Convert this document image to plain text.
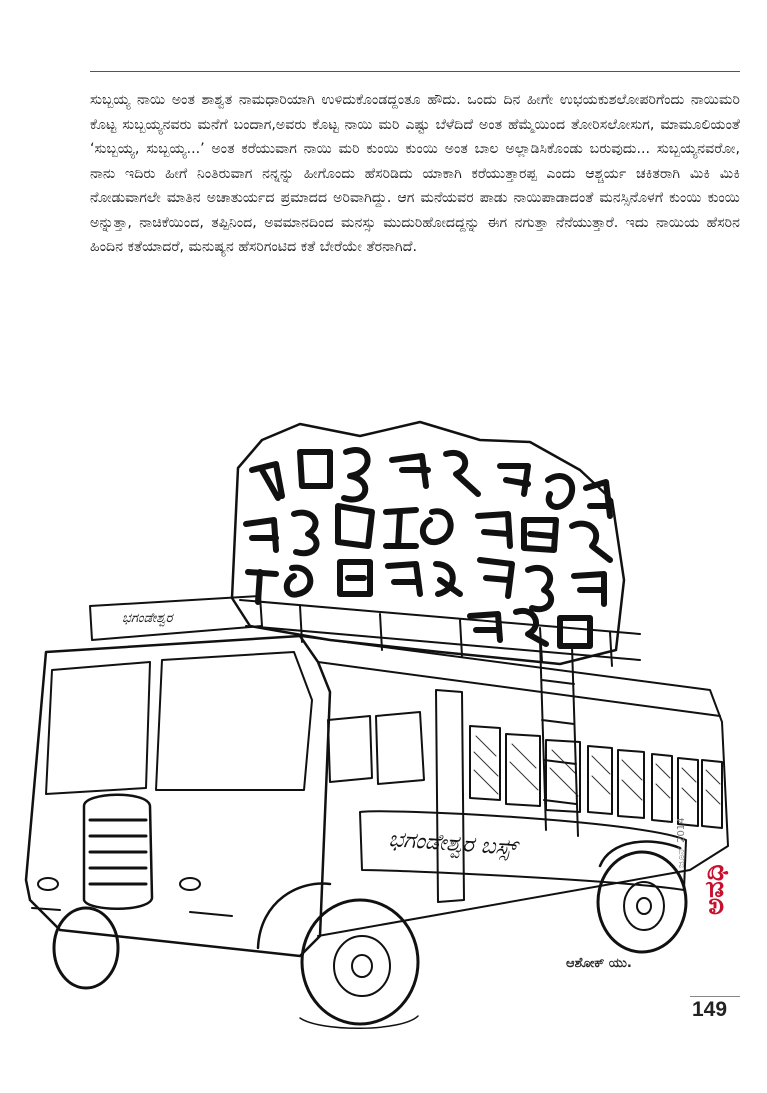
ಸುಬ್ಬಯ್ಯ ನಾಯಿ ಅಂತ ಶಾಶ್ವತ ನಾಮಧಾರಿಯಾಗಿ ಉಳಿದುಕೊಂಡದ್ದಂತೂ ಹೌದು. ಒಂದು ದಿನ ಹೀಗೇ ಉಭಯಕುಶಲೋಪರಿಗೆಂದು ನಾಯಿಮರಿ ಕೊಟ್ಟ ಸುಬ್ಬಯ್ಯನವರು ಮನೆಗೆ ಬಂದಾಗ,ಅವರು ಕೊಟ್ಟ ನಾಯಿ ಮರಿ ಎಷ್ಟು ಬೆಳೆದಿದೆ ಅಂತ ಹೆಮ್ಮೆಯಿಂದ ತೋರಿಸಲೋಸುಗ, ಮಾಮೂಲಿಯಂತೆ ‘ಸುಬ್ಬಯ್ಯ, ಸುಬ್ಬಯ್ಯ...’ ಅಂತ ಕರೆಯುವಾಗ ನಾಯಿ ಮರಿ ಕುಂಯಿ ಕುಂಯಿ ಅಂತ ಬಾಲ ಅಲ್ಲಾಡಿಸಿಕೊಂಡು ಬರುವುದು... ಸುಬ್ಬಯ್ಯನವರೋ, ನಾನು ಇದಿರು ಹೀಗೆ ನಿಂತಿರುವಾಗ ನನ್ನನ್ನು ಹೀಗೊಂದು ಹೆಸರಿಡಿದು ಯಾಕಾಗಿ ಕರೆಯುತ್ತಾರಪ್ಪ ಎಂದು ಆಶ್ಚರ್ಯ ಚಕಿತರಾಗಿ ಮಿಕಿ ಮಿಕಿ ನೋಡುವಾಗಲೇ ಮಾತಿನ ಅಚಾತುರ್ಯದ ಪ್ರಮಾದದ ಅರಿವಾಗಿದ್ದು. ಆಗ ಮನೆಯವರ ಪಾಡು ನಾಯಿಪಾಡಾದಂತೆ ಮನಸ್ಸಿನೊಳಗೆ ಕುಂಯಿ ಕುಂಯಿ ಅನ್ನುತ್ತಾ, ನಾಚಿಕೆಯಿಂದ, ತಪ್ಪಿನಿಂದ, ಅವಮಾನದಿಂದ ಮನಸ್ಸು ಮುದುರಿಹೋದದ್ದನ್ನು ಈಗ ನಗುತ್ತಾ ನೆನೆಯುತ್ತಾರೆ. ಇದು ನಾಯಿಯ ಹೆಸರಿನ ಹಿಂದಿನ ಕತೆಯಾದರೆ, ಮನುಷ್ಯನ ಹೆಸರಿಗಂಟಿದ ಕತೆ ಬೇರೆಯೇ ತೆರನಾಗಿದೆ.

ಭಗಂಡೇಶ್ವರ
ಭಗಂಡೇಶ್ವರ ಬಸ್ಸ್
ಆಶೋಕ್ ಯು.
ಜೂನ್ 2014
ಅವಧಿ
149
